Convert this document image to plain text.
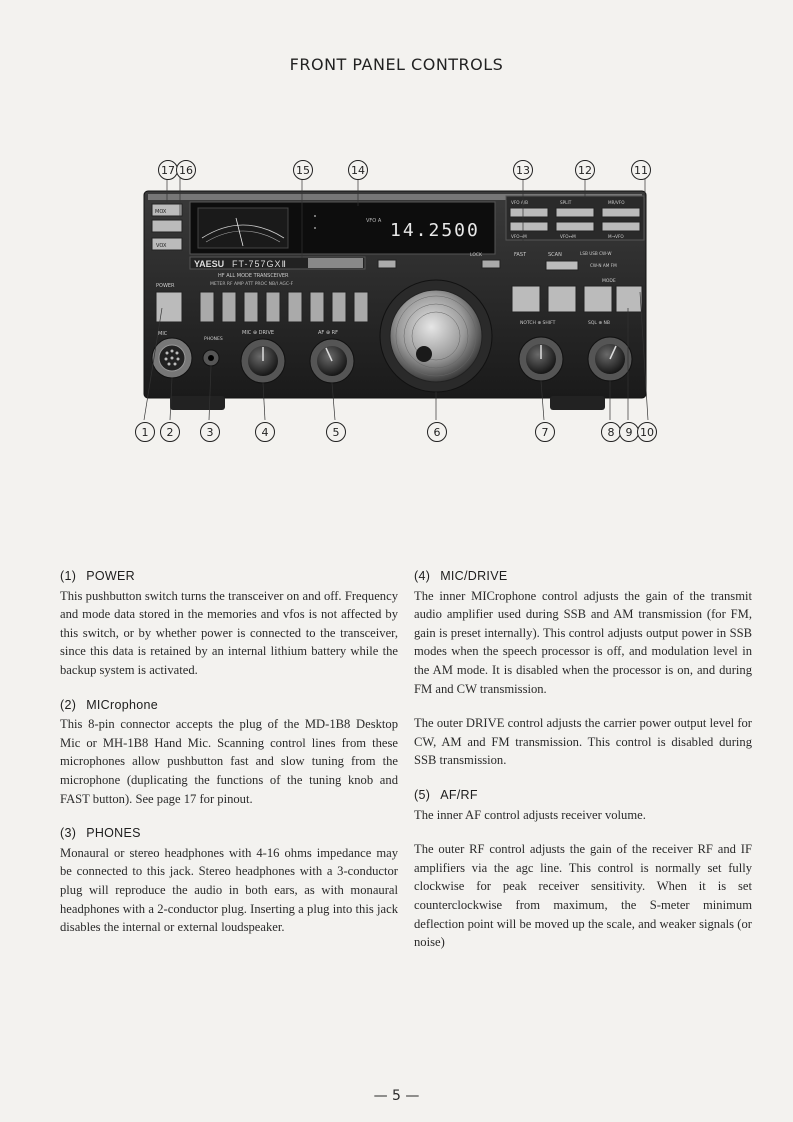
FRONT PANEL CONTROLS
MOX
VOX
14.2500
VFO A
YAESU FT-757GXⅡ
HF ALL MODE TRANSCEIVER
METER RF AMP ATT PROC NB/I AGC-F
POWER
MIC
PHONES
MIC ⊕ DRIVE	AF ⊕ RF
LOCK
VFO A/B	SPLIT	MR/VFO
VFO→M	VFO↔M	M→VFO
FAST	SCAN	LSB USB CW-W
CW-N AM FM
MODE
NOTCH ⊕ SHIFT	SQL ⊕ NB
17 16	15	14	13	12	11
1	2	3	4	5	6	7	8	9 10
(1) POWER

This pushbutton switch turns the transceiver on and off. Frequency and mode data stored in the memories and vfos is not affected by this switch, or by whether power is connected to the transceiver, since this data is retained by an internal lithium battery while the backup system is activated.

(2) MICrophone

This 8-pin connector accepts the plug of the MD-1B8 Desktop Mic or MH-1B8 Hand Mic. Scanning control lines from these microphones allow pushbutton fast and slow tuning from the microphone (duplicating the functions of the tuning knob and FAST button). See page 17 for pinout.

(3) PHONES

Monaural or stereo headphones with 4-16 ohms impedance may be connected to this jack. Stereo headphones with a 3-conductor plug will reproduce the audio in both ears, as with monaural headphones with a 2-conductor plug. Inserting a plug into this jack disables the internal or external loudspeaker.

(4) MIC/DRIVE

The inner MICrophone control adjusts the gain of the transmit audio amplifier used during SSB and AM transmission (for FM, gain is preset internally). This control adjusts output power in SSB modes when the speech processor is off, and modulation level in the AM mode. It is disabled when the processor is on, and during FM and CW transmission.

The outer DRIVE control adjusts the carrier power output level for CW, AM and FM transmission. This control is disabled during SSB transmission.

(5) AF/RF

The inner AF control adjusts receiver volume.

The outer RF control adjusts the gain of the receiver RF and IF amplifiers via the agc line. This control is normally set fully clockwise for peak receiver sensitivity. When it is set counterclockwise from maximum, the S-meter minimum deflection point will be moved up the scale, and weaker signals (or noise)

— 5 —
